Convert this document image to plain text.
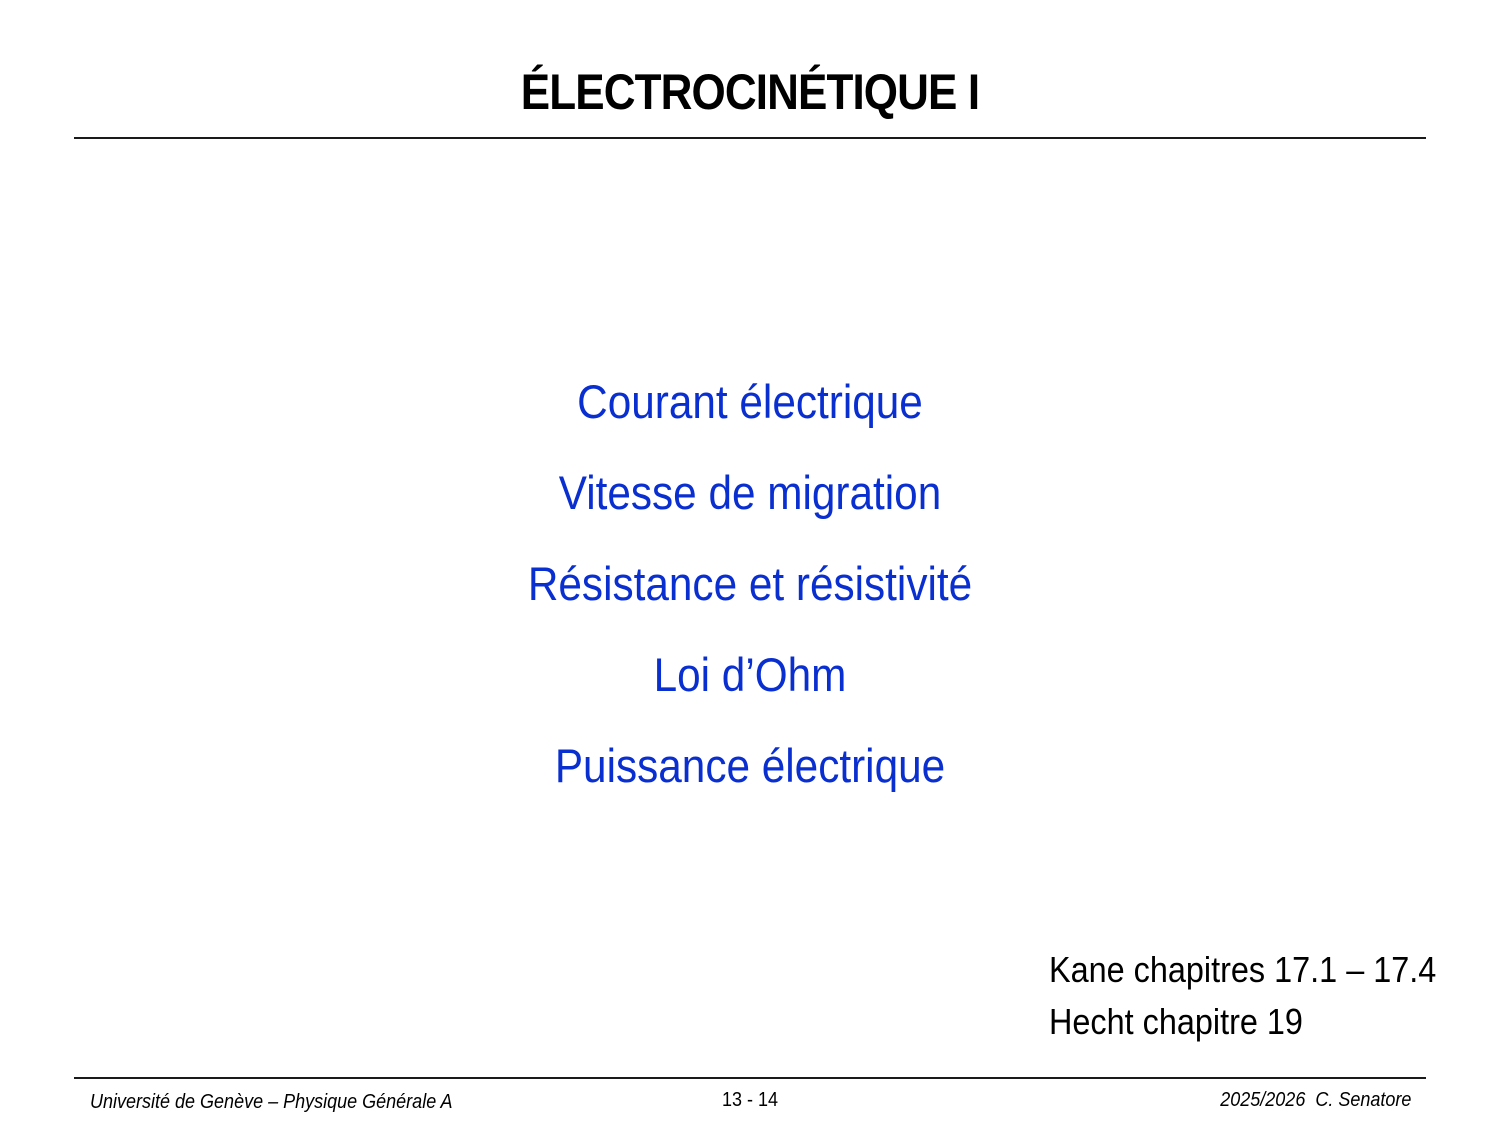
ÉLECTROCINÉTIQUE I
Courant électrique
Vitesse de migration
Résistance et résistivité
Loi d’Ohm
Puissance électrique
Kane chapitres 17.1 – 17.4
Hecht chapitre 19
Université de Genève – Physique Générale A	13 - 14	2025/2026  C. Senatore
